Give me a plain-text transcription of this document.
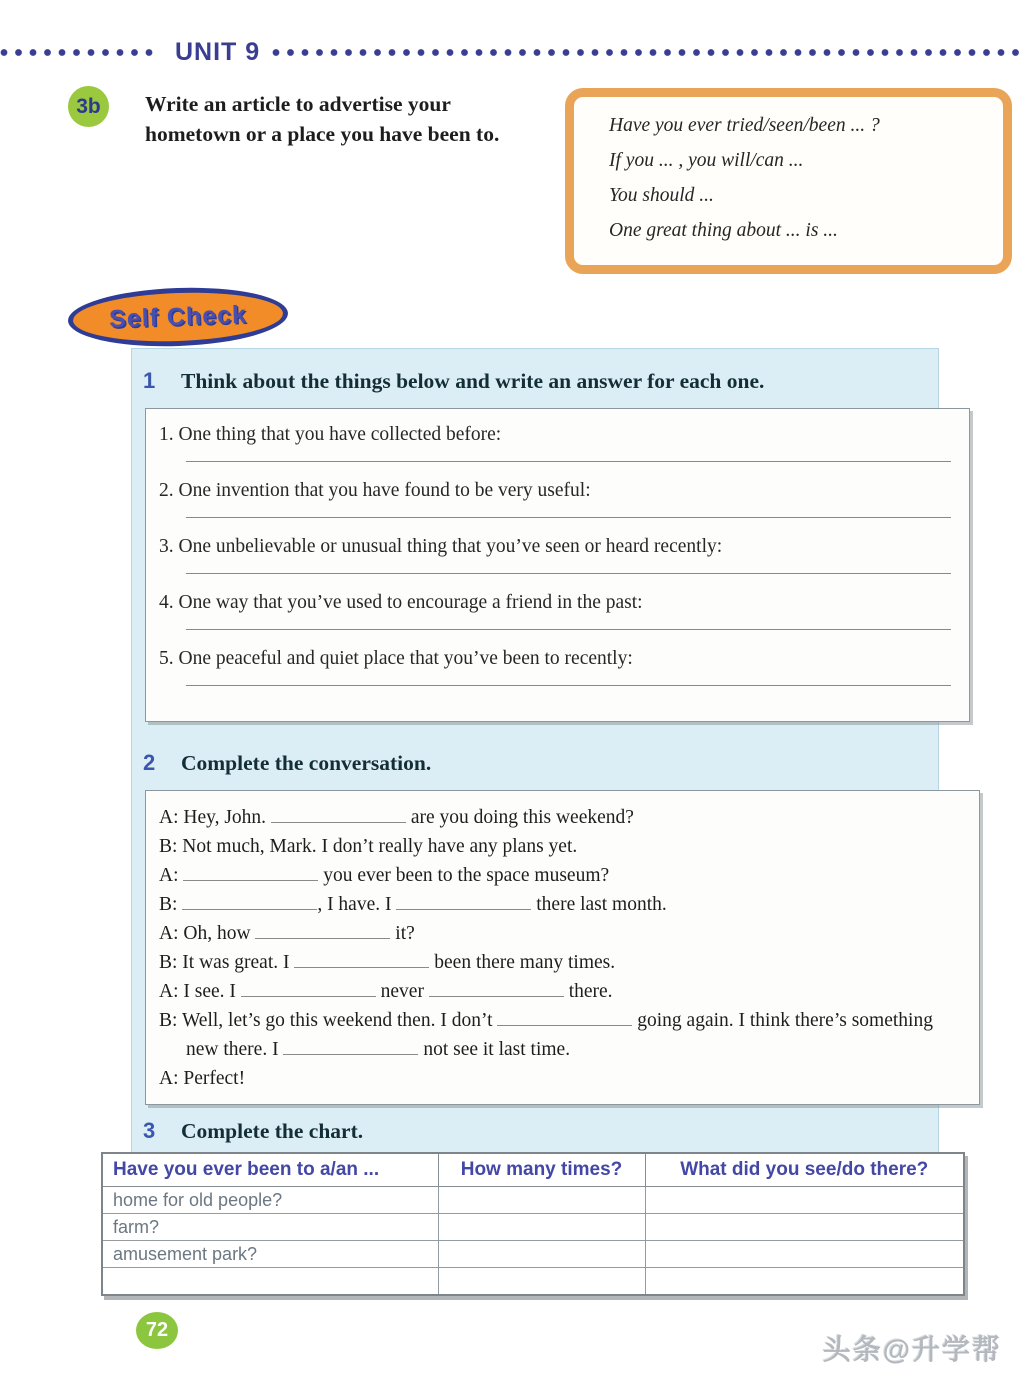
UNIT 9
3b	Write an article to advertise your hometown or a place you have been to.	Have you ever tried/seen/been ... ?
If you ... , you will/can ...
You should ...
One great thing about ... is ...
Self Check
1	Think about the things below and write an answer for each one.
1. One thing that you have collected before:
2. One invention that you have found to be very useful:
3. One unbelievable or unusual thing that you’ve seen or heard recently:
4. One way that you’ve used to encourage a friend in the past:
5. One peaceful and quiet place that you’ve been to recently:
2	Complete the conversation.
A: Hey, John.	are you doing this weekend?
B: Not much, Mark. I don’t really have any plans yet.
A:	you ever been to the space museum?
B:	, I have. I	there last month.
A: Oh, how	it?
B: It was great. I	been there many times.
A: I see. I	never	there.
B: Well, let’s go this weekend then. I don’t	going again. I think there’s something new there. I	not see it last time.
A: Perfect!
3	Complete the chart.
Have you ever been to a/an ...	How many times?	What did you see/do there?
home for old people?		
farm?		
amusement park?		

72
头条@升学帮
